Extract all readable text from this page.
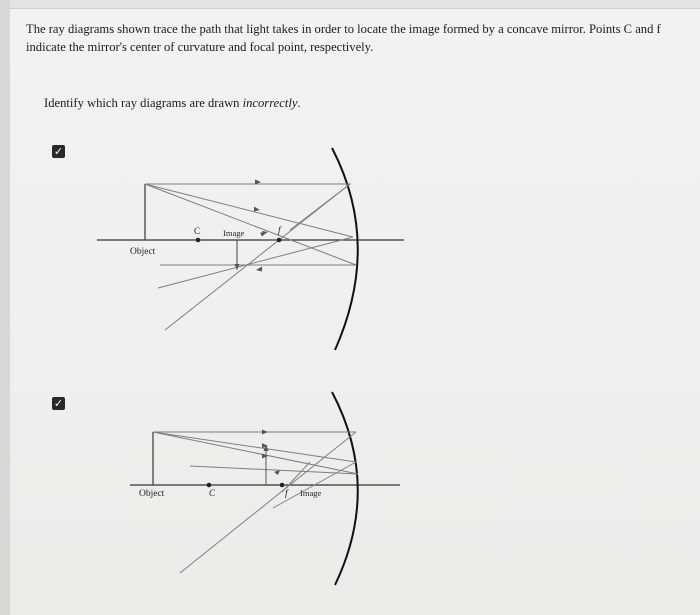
The ray diagrams shown trace the path that light takes in order to locate the image formed by a concave mirror. Points C and f indicate the mirror's center of curvature and focal point, respectively.
Identify which ray diagrams are drawn incorrectly.
✓
✓
Object
C	Image	f
Object	C	f Image
